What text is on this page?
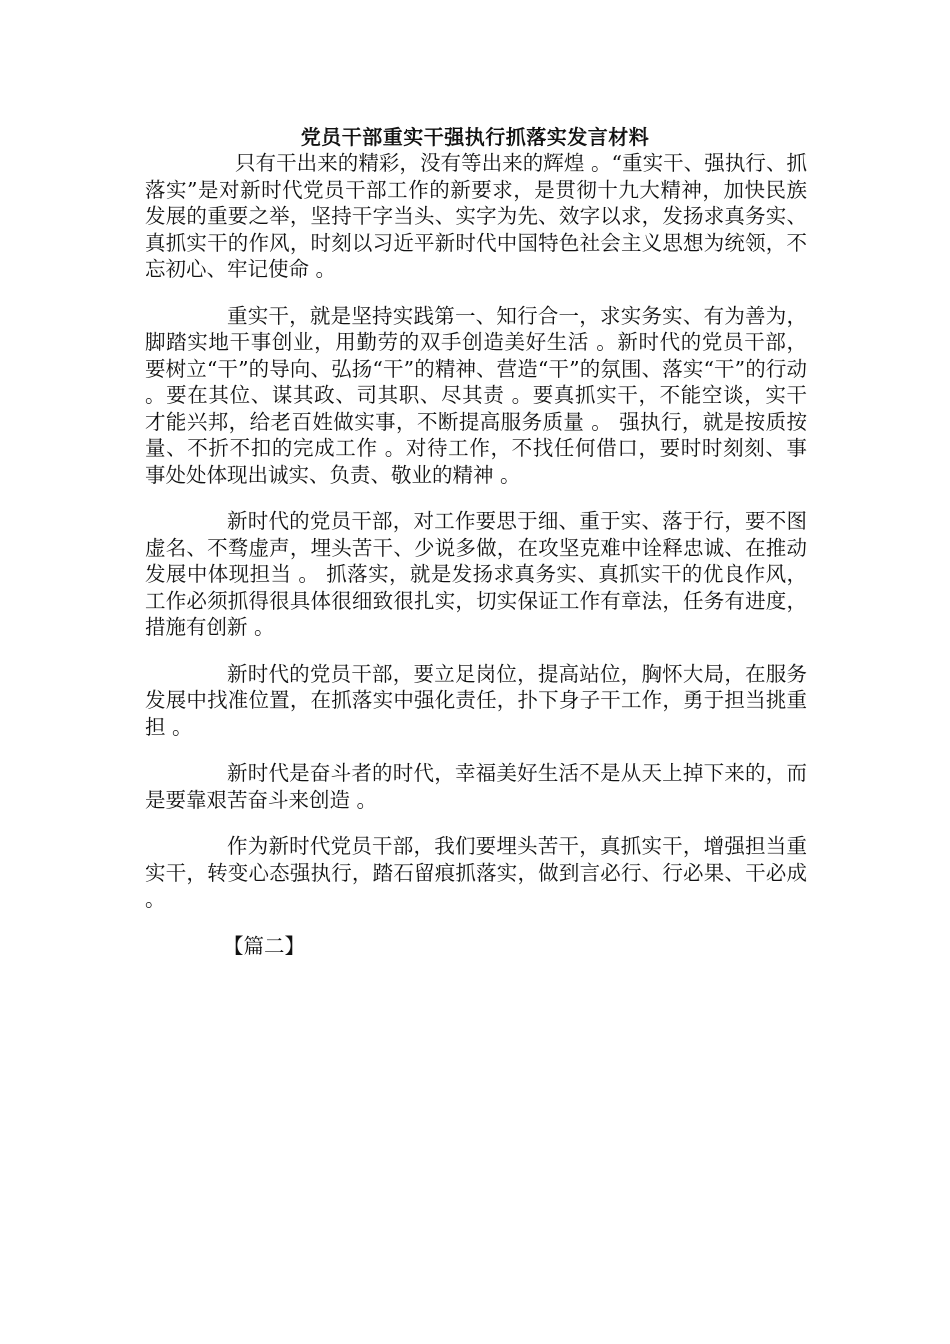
党员干部重实干强执行抓落实发言材料

只有干出来的精彩，没有等出来的辉煌 。“重实干、强执行、抓落实”是对新时代党员干部工作的新要求，是贯彻十九大精神，加快民族发展的重要之举，坚持干字当头、实字为先、效字以求，发扬求真务实、真抓实干的作风，时刻以习近平新时代中国特色社会主义思想为统领，不忘初心、牢记使命 。

重实干，就是坚持实践第一、知行合一，求实务实、有为善为，脚踏实地干事创业，用勤劳的双手创造美好生活 。新时代的党员干部，要树立“干”的导向、弘扬“干”的精神、营造“干”的氛围、落实“干”的行动 。要在其位、谋其政、司其职、尽其责 。要真抓实干，不能空谈，实干才能兴邦，给老百姓做实事，不断提高服务质量 。 强执行，就是按质按量、不折不扣的完成工作 。对待工作，不找任何借口，要时时刻刻、事事处处体现出诚实、负责、敬业的精神 。

新时代的党员干部，对工作要思于细、重于实、落于行，要不图虚名、不骛虚声，埋头苦干、少说多做，在攻坚克难中诠释忠诚、在推动发展中体现担当 。 抓落实，就是发扬求真务实、真抓实干的优良作风，工作必须抓得很具体很细致很扎实，切实保证工作有章法，任务有进度，措施有创新 。

新时代的党员干部，要立足岗位，提高站位，胸怀大局，在服务发展中找准位置，在抓落实中强化责任，扑下身子干工作，勇于担当挑重担 。

新时代是奋斗者的时代，幸福美好生活不是从天上掉下来的，而是要靠艰苦奋斗来创造 。

作为新时代党员干部，我们要埋头苦干，真抓实干，增强担当重实干，转变心态强执行，踏石留痕抓落实，做到言必行、行必果、干必成 。

【篇二】
